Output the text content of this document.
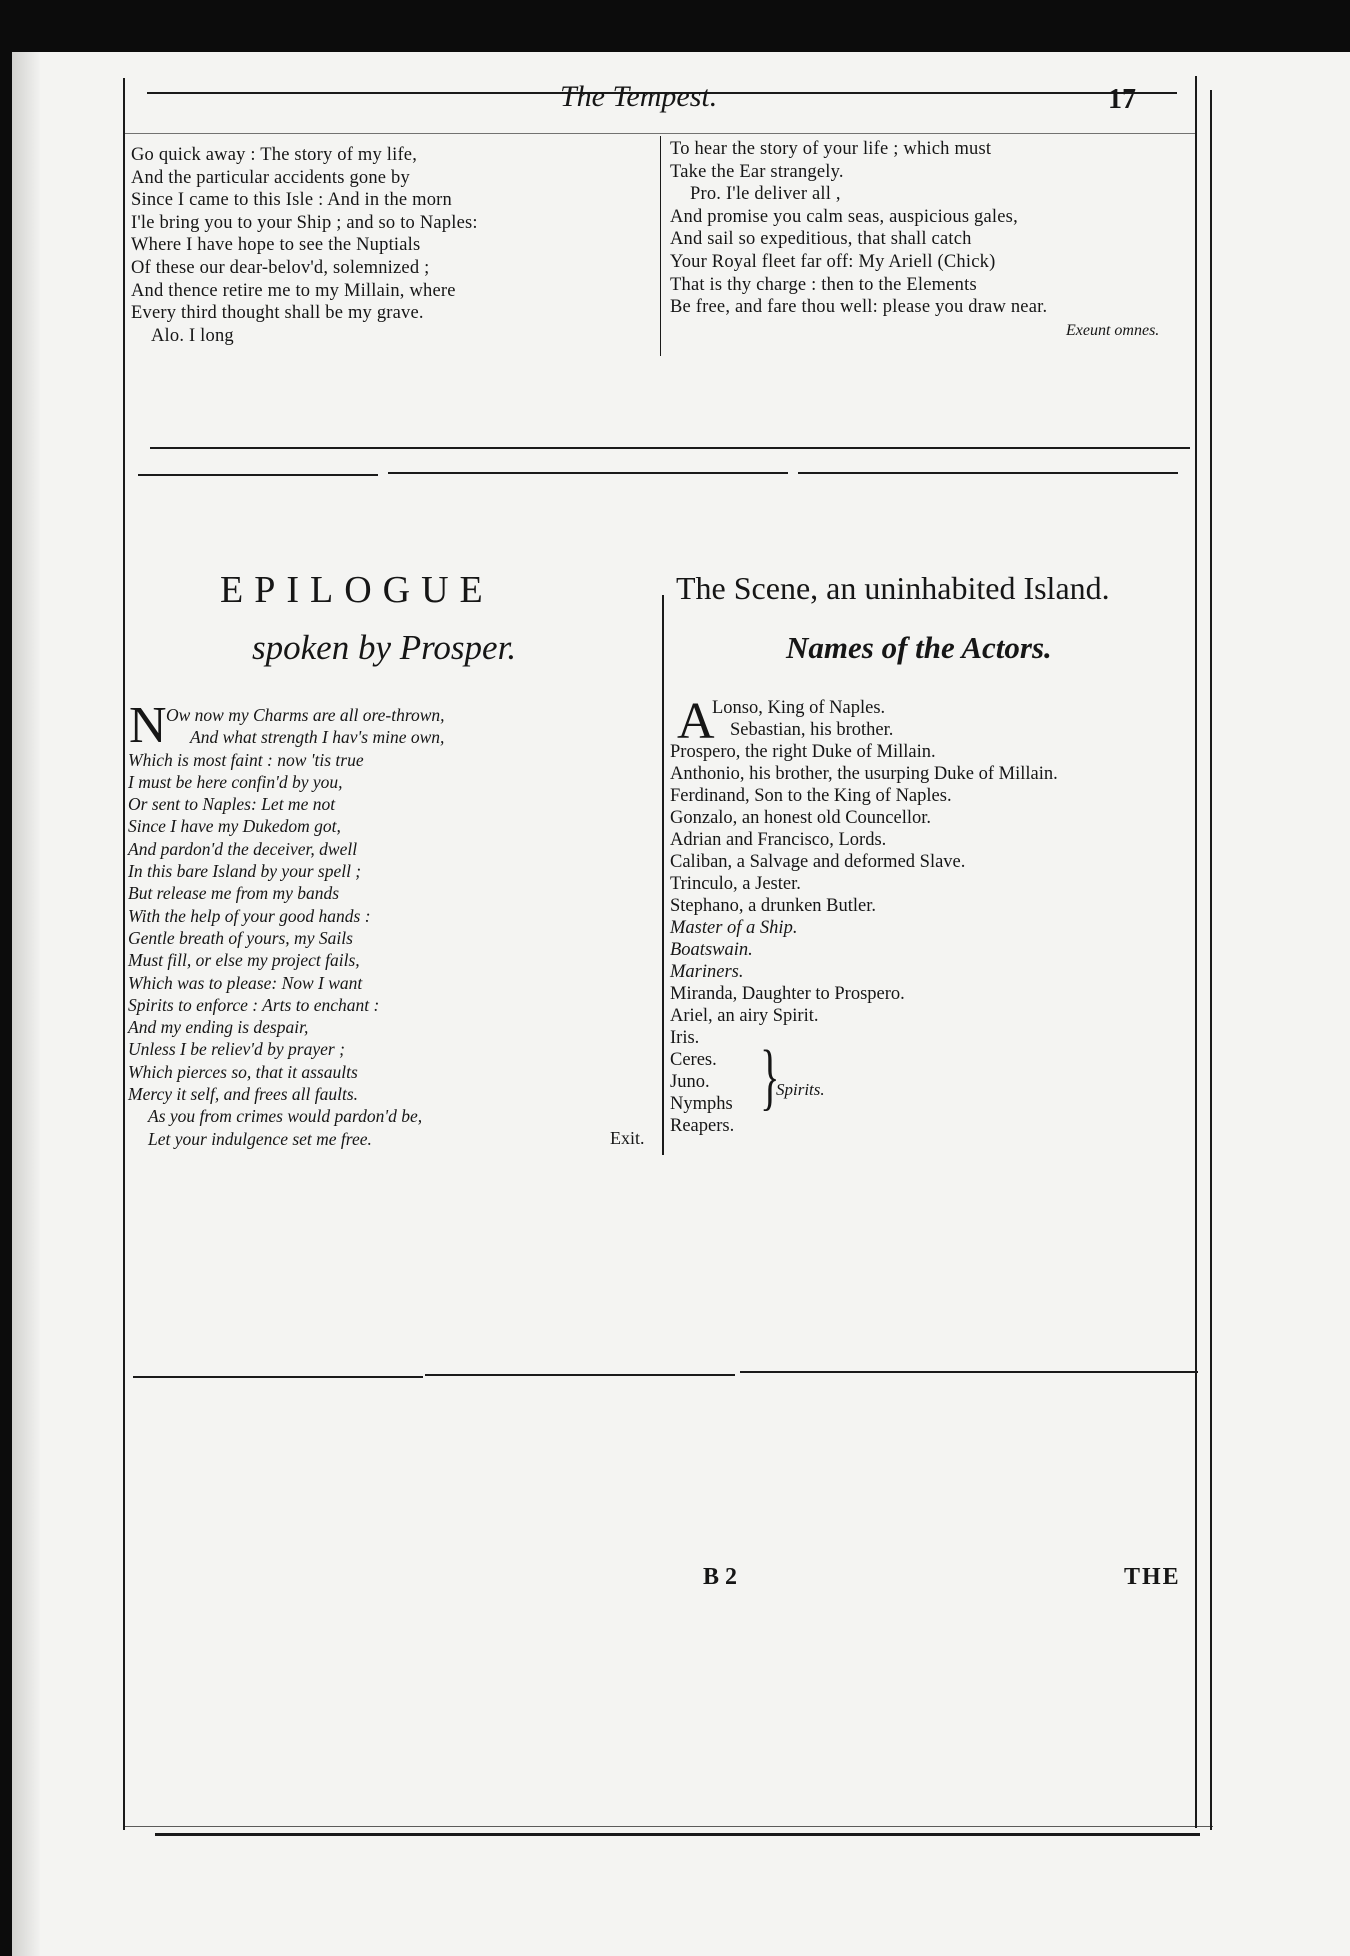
The Tempest.	17
Go quick away : The story of my life,
And the particular accidents gone by
Since I came to this Isle : And in the morn
I'le bring you to your Ship ; and so to Naples:
Where I have hope to see the Nuptials
Of these our dear-belov'd, solemnized ;
And thence retire me to my Millain, where
Every third thought shall be my grave.
Alo. I long
To hear the story of your life ; which must
Take the Ear strangely.
Pro. I'le deliver all ,
And promise you calm seas, auspicious gales,
And sail so expeditious, that shall catch
Your Royal fleet far off: My Ariell (Chick)
That is thy charge : then to the Elements
Be free, and fare thou well: please you draw near.
Exeunt omnes.
EPILOGUE
spoken by Prosper.
N Ow now my Charms are all ore-thrown,
And what strength I hav's mine own,
Which is most faint : now 'tis true
I must be here confin'd by you,
Or sent to Naples: Let me not
Since I have my Dukedom got,
And pardon'd the deceiver, dwell
In this bare Island by your spell ;
But release me from my bands
With the help of your good hands :
Gentle breath of yours, my Sails
Must fill, or else my project fails,
Which was to please: Now I want
Spirits to enforce : Arts to enchant :
And my ending is despair,
Unless I be reliev'd by prayer ;
Which pierces so, that it assaults
Mercy it self, and frees all faults.
As you from crimes would pardon'd be,
Let your indulgence set me free.	Exit.
The Scene, an uninhabited Island.
Names of the Actors.
A
Lonso, King of Naples.
Sebastian, his brother.
Prospero, the right Duke of Millain.
Anthonio, his brother, the usurping Duke of Millain.
Ferdinand, Son to the King of Naples.
Gonzalo, an honest old Councellor.
Adrian and Francisco, Lords.
Caliban, a Salvage and deformed Slave.
Trinculo, a Jester.
Stephano, a drunken Butler.
Master of a Ship.
Boatswain.
Mariners.
Miranda, Daughter to Prospero.
Ariel, an airy Spirit.
Iris.
Ceres.
Juno.
Nymphs
Reapers.
}
Spirits.
B 2	THE
